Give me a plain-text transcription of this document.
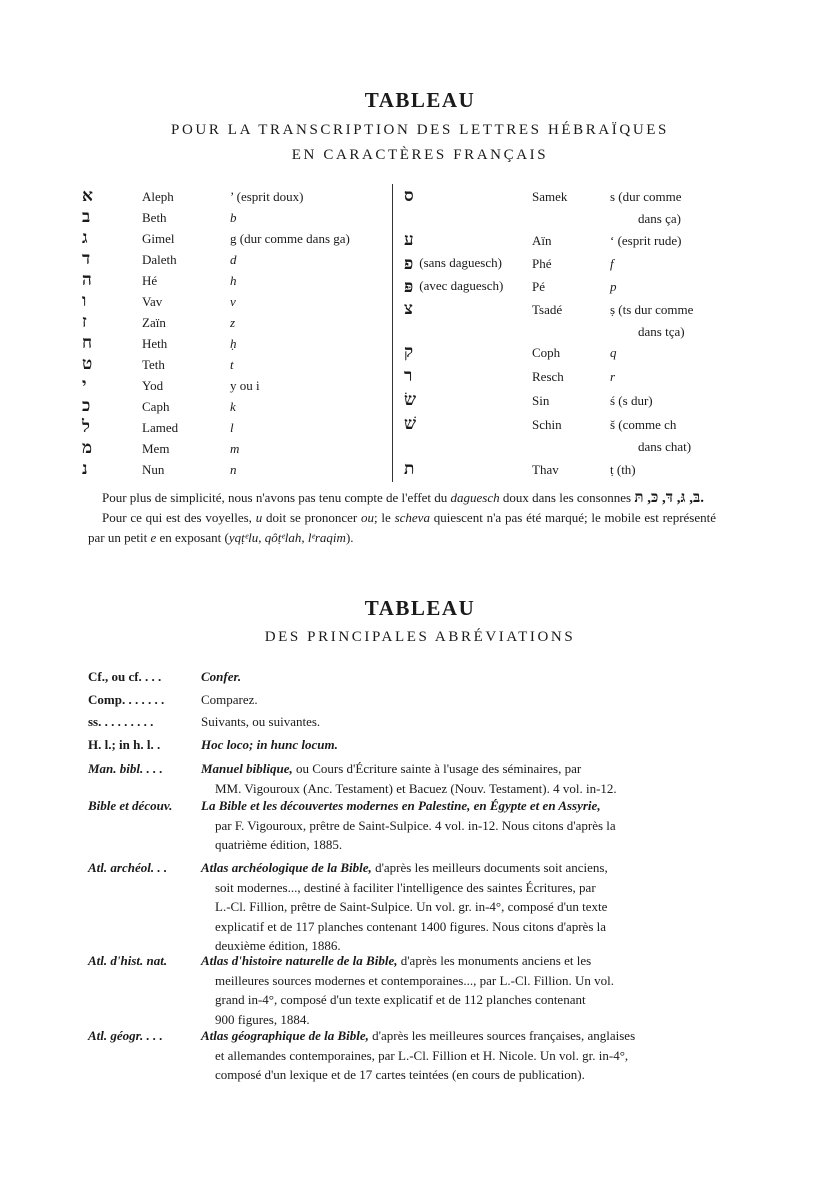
TABLEAU
POUR LA TRANSCRIPTION DES LETTRES HÉBRAÏQUES
EN CARACTÈRES FRANÇAIS
א	Aleph	’ (esprit doux)
ב	Beth	b
ג	Gimel	g (dur comme dans ga)
ד	Daleth	d
ה	Hé	h
ו	Vav	v
ז	Zaïn	z
ח	Heth	ḥ
ט	Teth	t
י	Yod	y ou i
כ	Caph	k
ל	Lamed	l
מ	Mem	m
נ	Nun	n
ס	Samek	s (dur comme
dans ça)
ע	Aïn	‘ (esprit rude)
פ (sans daguesch) Phé	f
פּ (avec daguesch) Pé	p
צ	Tsadé	ṣ (ts dur comme
dans tça)
ק	Coph	q
ר	Resch	r
שׂ	Sin	ś (s dur)
שׁ	Schin	š (comme ch
dans chat)
ת	Thav	ṭ (th)

Pour plus de simplicité, nous n'avons pas tenu compte de l'effet du daguesch doux dans les consonnes בּ, גּ, דּ, כּ, תּ.

Pour ce qui est des voyelles, u doit se prononcer ou; le scheva quiescent n'a pas été marqué; le mobile est représenté par un petit e en exposant (yqṭᵉlu, qôṭᵉlah, lᵉraqim).

TABLEAU
DES PRINCIPALES ABRÉVIATIONS
Cf., ou cf. . . .	Confer.
Comp. . . . . . .	Comparez.
ss. . . . . . . . .	Suivants, ou suivantes.
H. l.; in h. l. .	Hoc loco; in hunc locum.
Man. bibl. . . .	Manuel biblique, ou Cours d'Écriture sainte à l'usage des séminaires, par
MM. Vigouroux (Anc. Testament) et Bacuez (Nouv. Testament). 4 vol. in-12.
Bible et découv.	La Bible et les découvertes modernes en Palestine, en Égypte et en Assyrie,
par F. Vigouroux, prêtre de Saint-Sulpice. 4 vol. in-12. Nous citons d'après la
quatrième édition, 1885.
Atl. archéol. . .	Atlas archéologique de la Bible, d'après les meilleurs documents soit anciens,
soit modernes..., destiné à faciliter l'intelligence des saintes Écritures, par
L.-Cl. Fillion, prêtre de Saint-Sulpice. Un vol. gr. in-4°, composé d'un texte
explicatif et de 117 planches contenant 1400 figures. Nous citons d'après la
deuxième édition, 1886.
Atl. d'hist. nat.	Atlas d'histoire naturelle de la Bible, d'après les monuments anciens et les
meilleures sources modernes et contemporaines..., par L.-Cl. Fillion. Un vol.
grand in-4°, composé d'un texte explicatif et de 112 planches contenant
900 figures, 1884.
Atl. géogr. . . .	Atlas géographique de la Bible, d'après les meilleures sources françaises, anglaises
et allemandes contemporaines, par L.-Cl. Fillion et H. Nicole. Un vol. gr. in-4°,
composé d'un lexique et de 17 cartes teintées (en cours de publication).
